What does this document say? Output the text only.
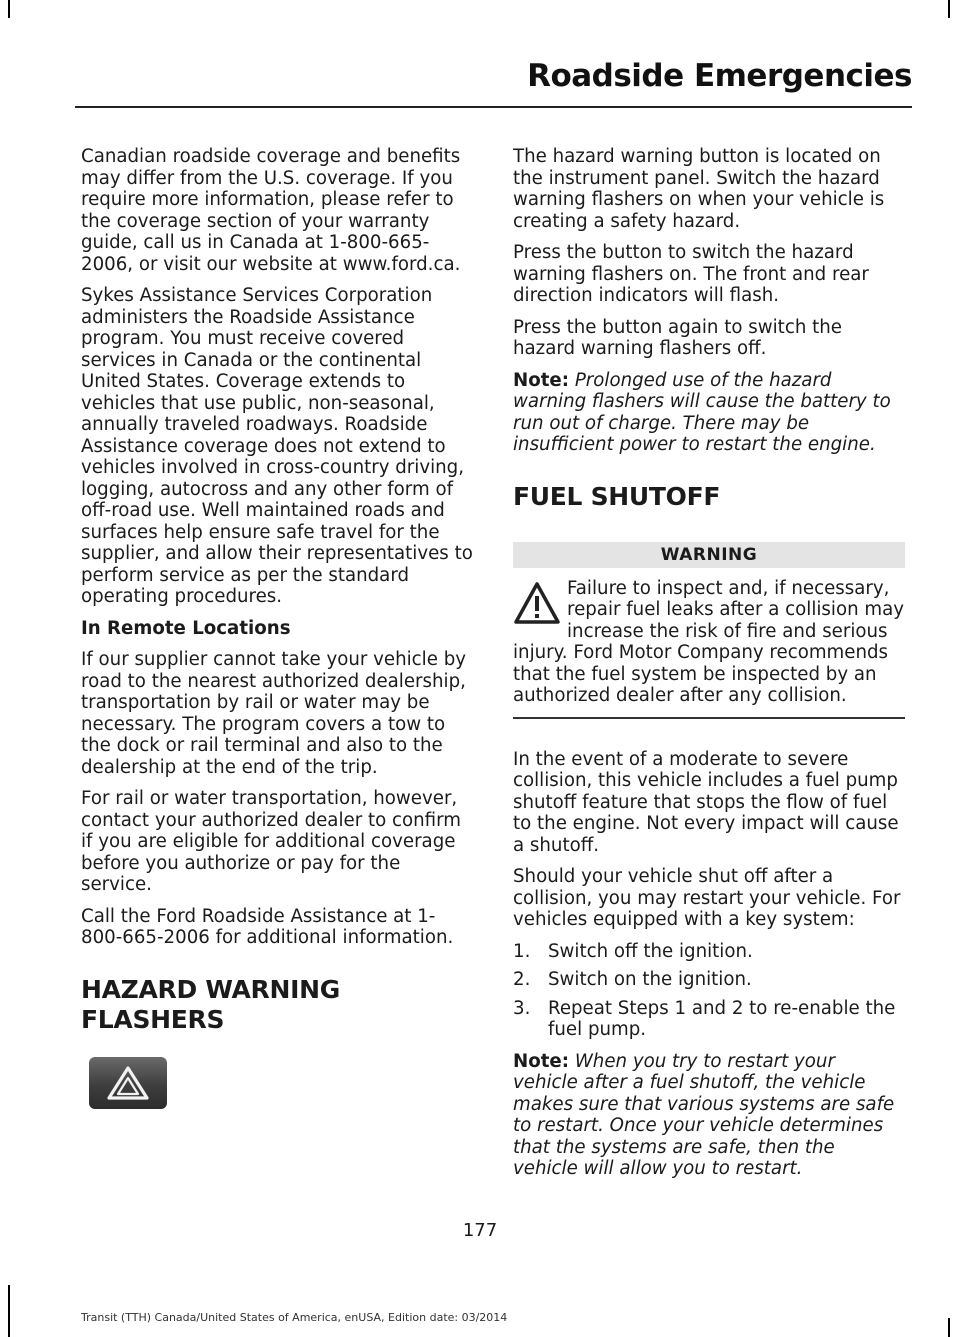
Roadside Emergencies

Canadian roadside coverage and benefits may differ from the U.S. coverage. If you require more information, please refer to the coverage section of your warranty guide, call us in Canada at 1-800-665-2006, or visit our website at www.ford.ca.

Sykes Assistance Services Corporation administers the Roadside Assistance program. You must receive covered services in Canada or the continental United States. Coverage extends to vehicles that use public, non-seasonal, annually traveled roadways. Roadside Assistance coverage does not extend to vehicles involved in cross-country driving, logging, autocross and any other form of off-road use. Well maintained roads and surfaces help ensure safe travel for the supplier, and allow their representatives to perform service as per the standard operating procedures.

In Remote Locations

If our supplier cannot take your vehicle by road to the nearest authorized dealership, transportation by rail or water may be necessary. The program covers a tow to the dock or rail terminal and also to the dealership at the end of the trip.

For rail or water transportation, however, contact your authorized dealer to confirm if you are eligible for additional coverage before you authorize or pay for the service.

Call the Ford Roadside Assistance at 1-800-665-2006 for additional information.

HAZARD WARNING FLASHERS

The hazard warning button is located on the instrument panel. Switch the hazard warning flashers on when your vehicle is creating a safety hazard.

Press the button to switch the hazard warning flashers on. The front and rear direction indicators will flash.

Press the button again to switch the hazard warning flashers off.

Note: Prolonged use of the hazard warning flashers will cause the battery to run out of charge. There may be insufficient power to restart the engine.

FUEL SHUTOFF
WARNING
Failure to inspect and, if necessary, repair fuel leaks after a collision may increase the risk of fire and serious injury. Ford Motor Company recommends that the fuel system be inspected by an authorized dealer after any collision.

In the event of a moderate to severe collision, this vehicle includes a fuel pump shutoff feature that stops the flow of fuel to the engine. Not every impact will cause a shutoff.

Should your vehicle shut off after a collision, you may restart your vehicle. For vehicles equipped with a key system:

1. Switch off the ignition.
2. Switch on the ignition.
3. Repeat Steps 1 and 2 to re-enable the fuel pump.

Note: When you try to restart your vehicle after a fuel shutoff, the vehicle makes sure that various systems are safe to restart. Once your vehicle determines that the systems are safe, then the vehicle will allow you to restart.

177
Transit (TTH) Canada/United States of America, enUSA, Edition date: 03/2014
